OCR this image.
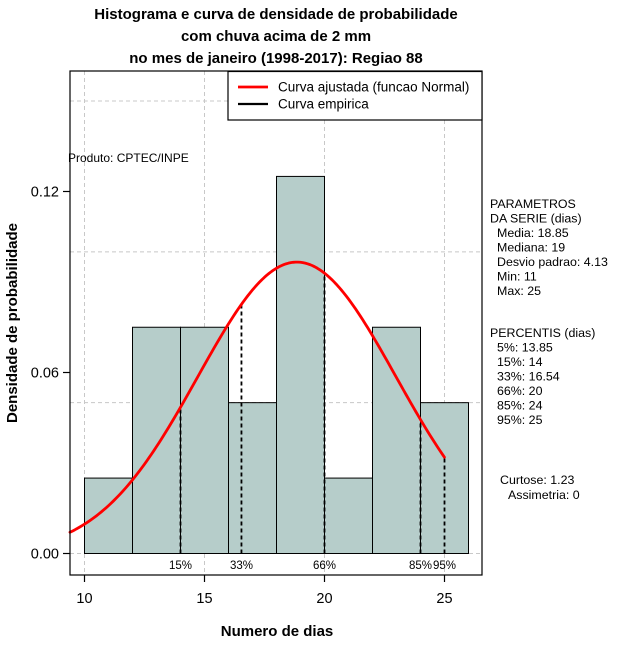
10	15	20	25
0.00
0.06
0.12
15%	33%	66%	85% 95%
Curva ajustada (funcao Normal)
Curva empirica
Histograma e curva de densidade de probabilidade
com chuva acima de 2 mm
no mes de janeiro (1998-2017): Regiao 88
Densidade de probabilidade
Numero de dias
Produto: CPTEC/INPE
PARAMETROS
DA SERIE (dias)
Media: 18.85
Mediana: 19
Desvio padrao: 4.13
Min: 11
Max: 25
PERCENTIS (dias)
5%: 13.85
15%: 14
33%: 16.54
66%: 20
85%: 24
95%: 25
Curtose: 1.23
Assimetria: 0
